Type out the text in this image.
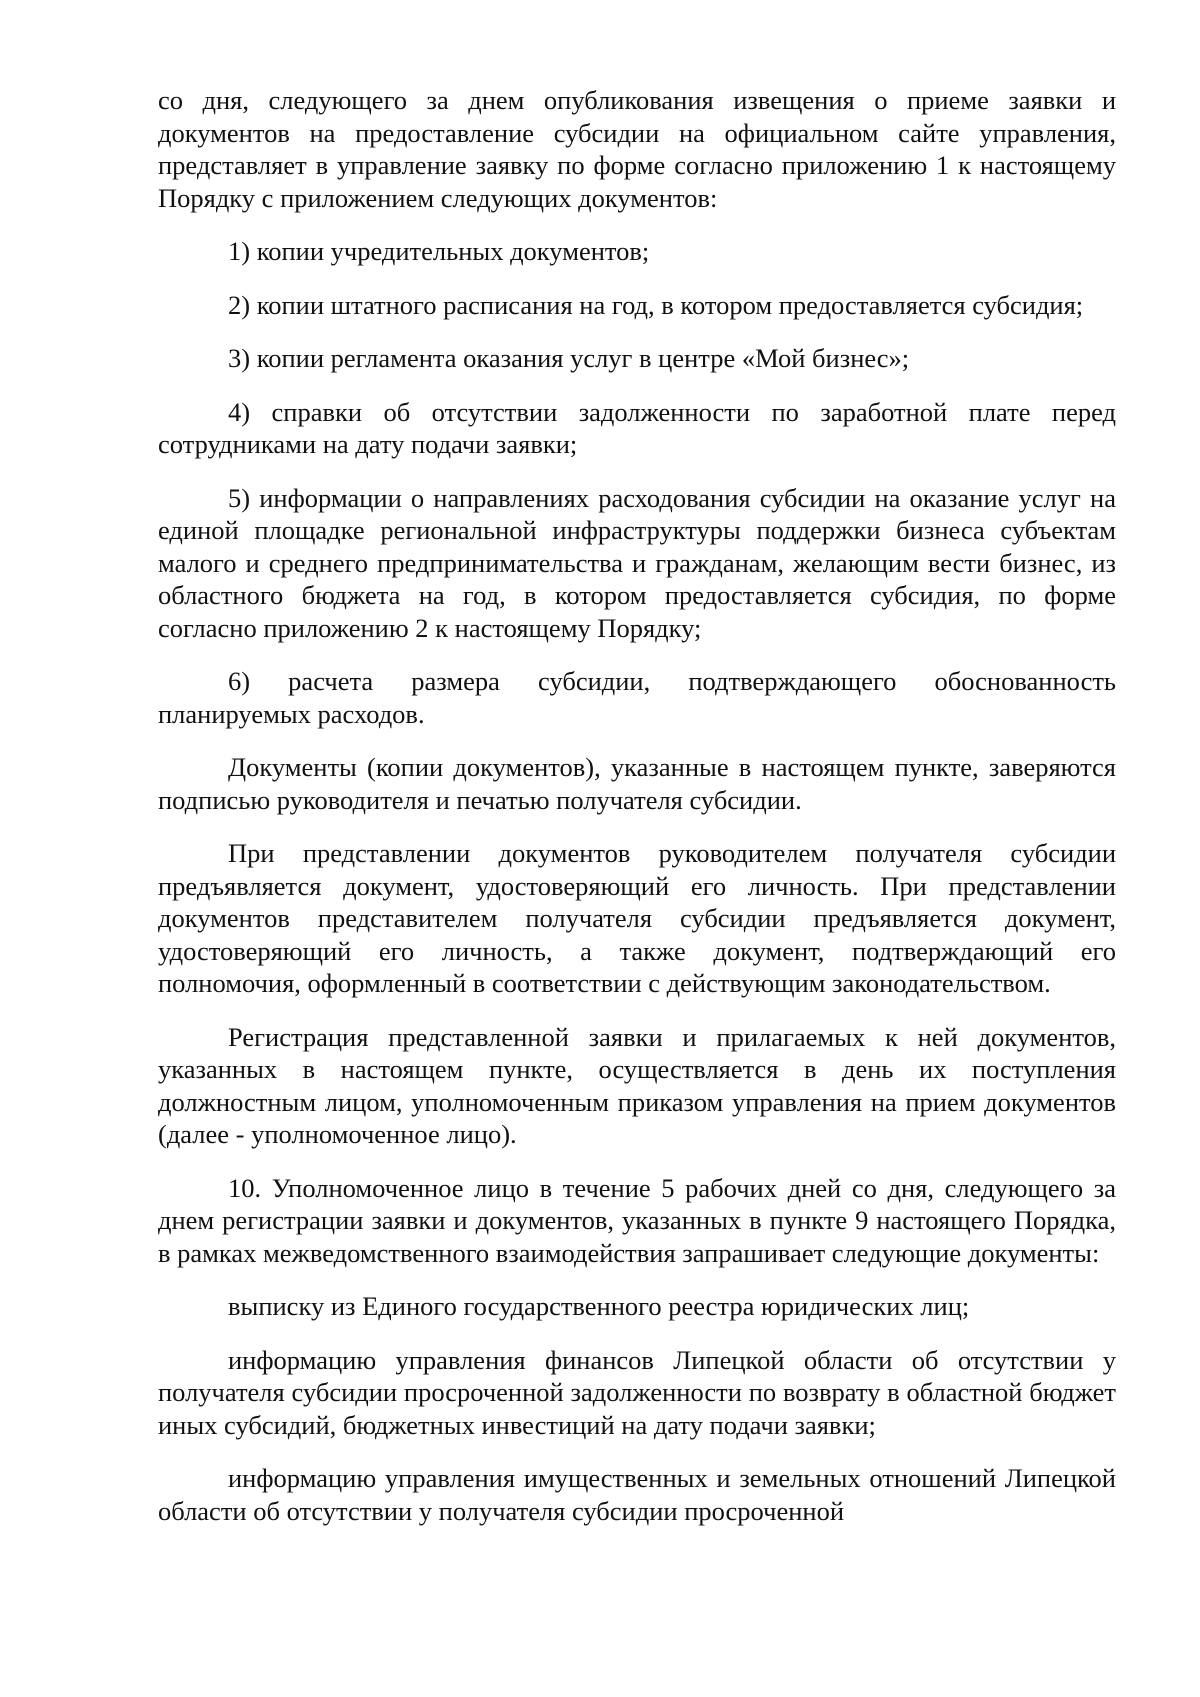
со дня, следующего за днем опубликования извещения о приеме заявки и документов на предоставление субсидии на официальном сайте управления, представляет в управление заявку по форме согласно приложению 1 к настоящему Порядку с приложением следующих документов:

1) копии учредительных документов;

2) копии штатного расписания на год, в котором предоставляется субсидия;

3) копии регламента оказания услуг в центре «Мой бизнес»;

4) справки об отсутствии задолженности по заработной плате перед сотрудниками на дату подачи заявки;

5) информации о направлениях расходования субсидии на оказание услуг на единой площадке региональной инфраструктуры поддержки бизнеса субъектам малого и среднего предпринимательства и гражданам, желающим вести бизнес, из областного бюджета на год, в котором предоставляется субсидия, по форме согласно приложению 2 к настоящему Порядку;

6) расчета размера субсидии, подтверждающего обоснованность планируемых расходов.

Документы (копии документов), указанные в настоящем пункте, заверяются подписью руководителя и печатью получателя субсидии.

При представлении документов руководителем получателя субсидии предъявляется документ, удостоверяющий его личность. При представлении документов представителем получателя субсидии предъявляется документ, удостоверяющий его личность, а также документ, подтверждающий его полномочия, оформленный в соответствии с действующим законодательством.

Регистрация представленной заявки и прилагаемых к ней документов, указанных в настоящем пункте, осуществляется в день их поступления должностным лицом, уполномоченным приказом управления на прием документов (далее - уполномоченное лицо).

10. Уполномоченное лицо в течение 5 рабочих дней со дня, следующего за днем регистрации заявки и документов, указанных в пункте 9 настоящего Порядка, в рамках межведомственного взаимодействия запрашивает следующие документы:

выписку из Единого государственного реестра юридических лиц;

информацию управления финансов Липецкой области об отсутствии у получателя субсидии просроченной задолженности по возврату в областной бюджет иных субсидий, бюджетных инвестиций на дату подачи заявки;

информацию управления имущественных и земельных отношений Липецкой области об отсутствии у получателя субсидии просроченной
